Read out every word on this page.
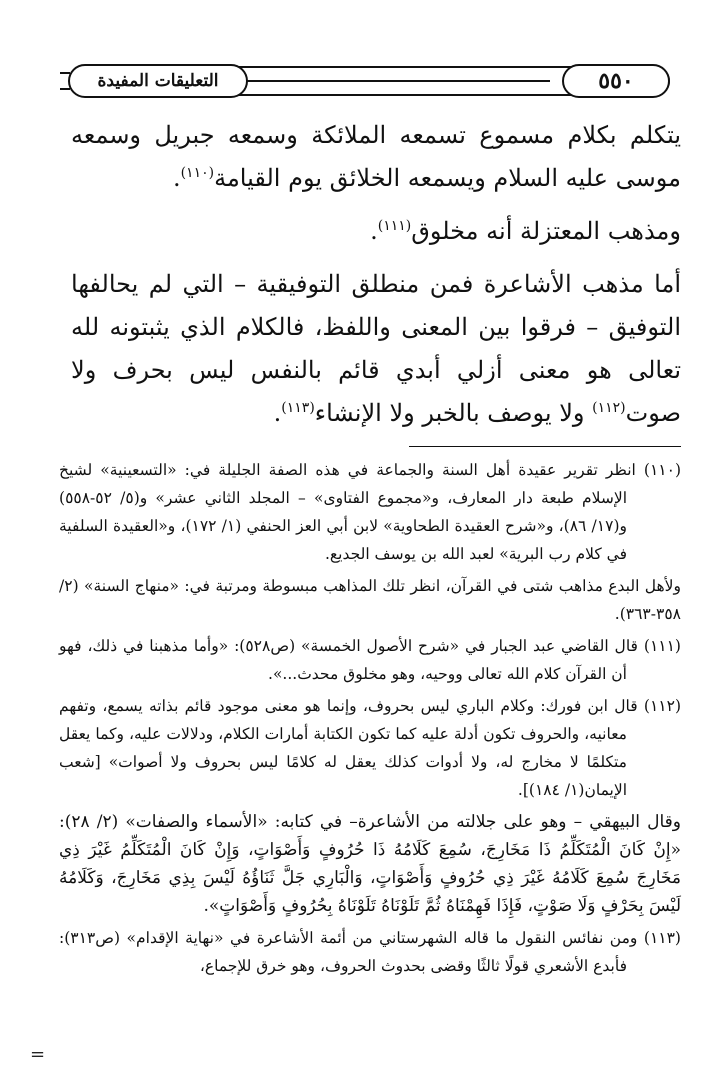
٥٥٠
التعليقات المفيدة

يتكلم بكلام مسموع تسمعه الملائكة وسمعه جبريل وسمعه موسى عليه السلام ويسمعه الخلائق يوم القيامة$^{(١١٠)}$.

ومذهب المعتزلة أنه مخلوق$^{(١١١)}$.

أما مذهب الأشاعرة فمن منطلق التوفيقية – التي لم يحالفها التوفيق – فرقوا بين المعنى واللفظ، فالكلام الذي يثبتونه لله تعالى هو معنى أزلي أبدي قائم بالنفس ليس بحرف ولا صوت$^{(١١٢)}$ ولا يوصف بالخبر ولا الإنشاء$^{(١١٣)}$.

(١١٠) انظر تقرير عقيدة أهل السنة والجماعة في هذه الصفة الجليلة في: «التسعينية» لشيخ الإسلام طبعة دار المعارف، و«مجموع الفتاوى» – المجلد الثاني عشر» و(٥/ ٥٢-٥٥٨) و(١٧/ ٨٦)، و«شرح العقيدة الطحاوية» لابن أبي العز الحنفي (١/ ١٧٢)، و«العقيدة السلفية في كلام رب البرية» لعبد الله بن يوسف الجديع.

ولأهل البدع مذاهب شتى في القرآن، انظر تلك المذاهب مبسوطة ومرتبة في: «منهاج السنة» (٢/ ٣٥٨-٣٦٣).

(١١١) قال القاضي عبد الجبار في «شرح الأصول الخمسة» (ص٥٢٨): «وأما مذهبنا في ذلك، فهو أن القرآن كلام الله تعالى ووحيه، وهو مخلوق محدث...».

(١١٢) قال ابن فورك: وكلام الباري ليس بحروف، وإنما هو معنى موجود قائم بذاته يسمع، وتفهم معانيه، والحروف تكون أدلة عليه كما تكون الكتابة أمارات الكلام، ودلالات عليه، وكما يعقل متكلمًا لا مخارج له، ولا أدوات كذلك يعقل له كلامًا ليس بحروف ولا أصوات» [شعب الإيمان(١/ ١٨٤)].

وقال البيهقي – وهو على جلالته من الأشاعرة– في كتابه: «الأسماء والصفات» (٢/ ٢٨): «إِنْ كَانَ الْمُتَكَلِّمُ ذَا مَخَارِجَ، سُمِعَ كَلَامُهُ ذَا حُرُوفٍ وَأَصْوَاتٍ، وَإِنْ كَانَ الْمُتَكَلِّمُ غَيْرَ ذِي مَخَارِجَ سُمِعَ كَلَامُهُ غَيْرَ ذِي حُرُوفٍ وَأَصْوَاتٍ، وَالْبَارِي جَلَّ ثَنَاؤُهُ لَيْسَ بِذِي مَخَارِجَ، وَكَلَامُهُ لَيْسَ بِحَرْفٍ وَلَا صَوْتٍ، فَإِذَا فَهِمْنَاهُ ثُمَّ تَلَوْنَاهُ تَلَوْنَاهُ بِحُرُوفٍ وَأَصْوَاتٍ».

(١١٣) ومن نفائس النقول ما قاله الشهرستاني من أئمة الأشاعرة في «نهاية الإقدام» (ص٣١٣): فأبدع الأشعري قولًا ثالثًا وقضى بحدوث الحروف، وهو خرق للإجماع،

=
